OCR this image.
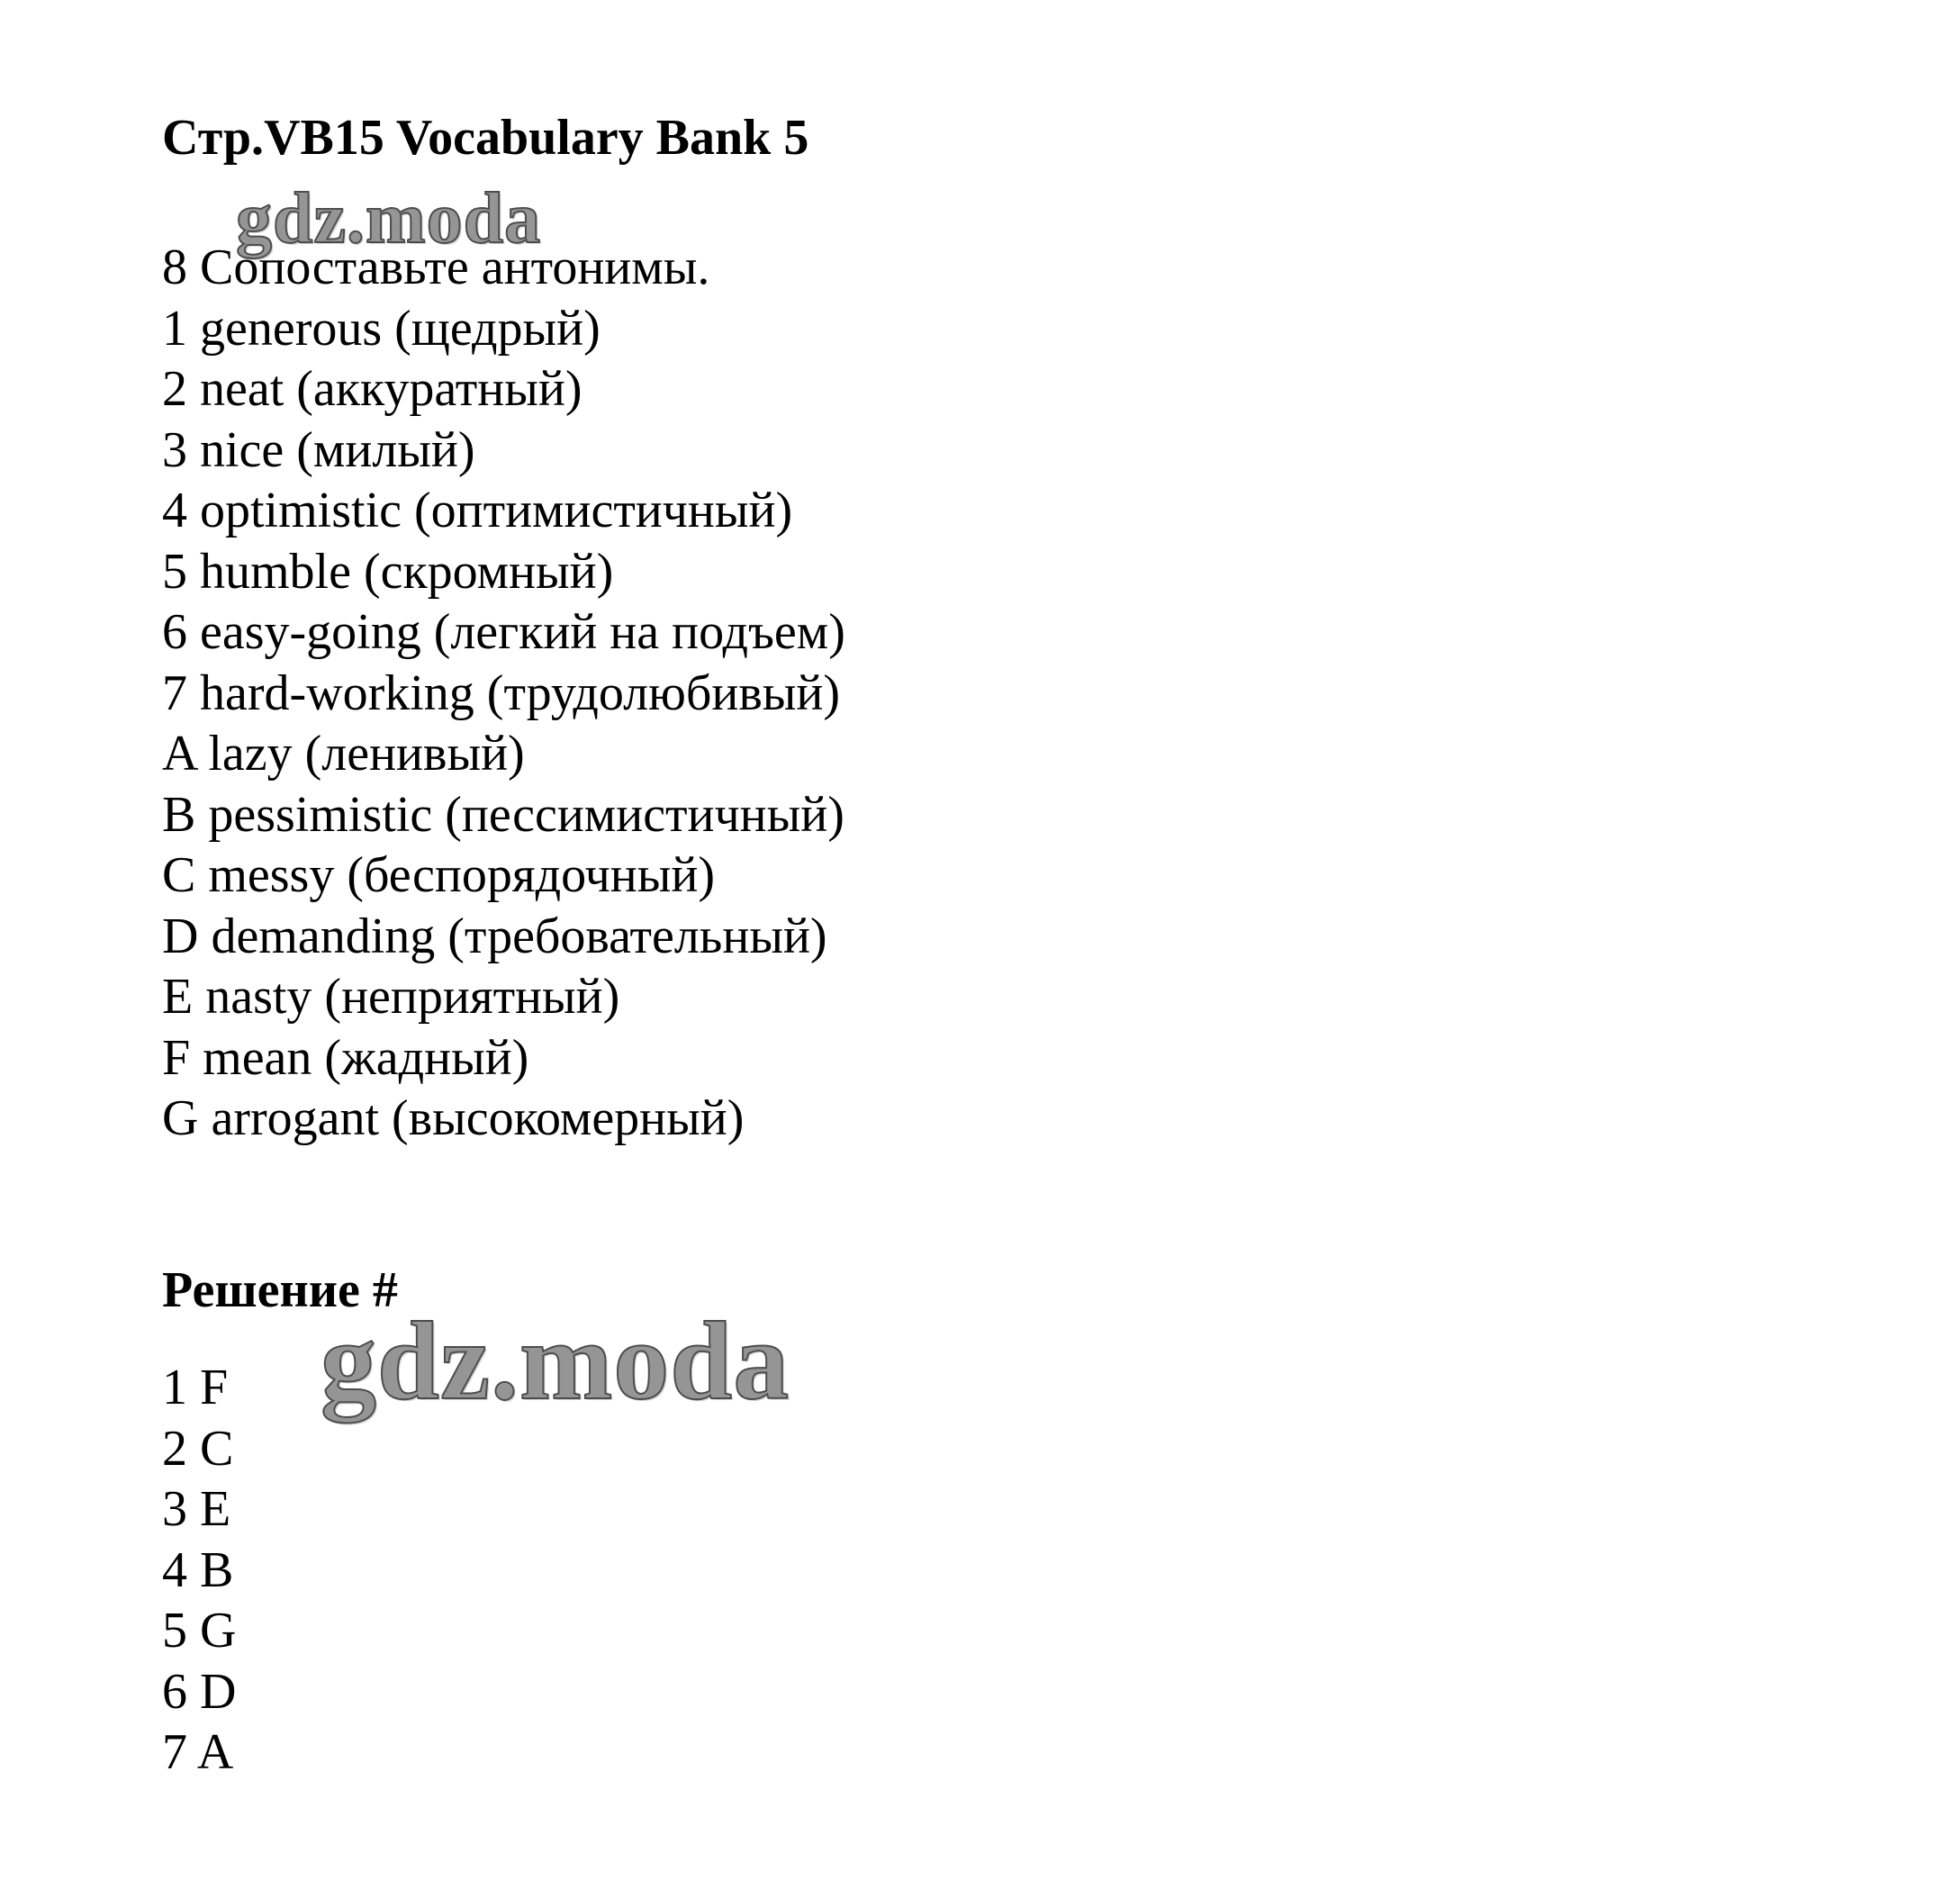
Стр.VB15 Vocabulary Bank 5
gdz.moda
8 Сопоставьте антонимы.
1 generous (щедрый)
2 neat (аккуратный)
3 nice (милый)
4 optimistic (оптимистичный)
5 humble (скромный)
6 easy-going (легкий на подъем)
7 hard-working (трудолюбивый)
A lazy (ленивый)
B pessimistic (пессимистичный)
C messy (беспорядочный)
D demanding (требовательный)
E nasty (неприятный)
F mean (жадный)
G arrogant (высокомерный)
Решение #
1 F
2 C
3 E
4 B
5 G
6 D
7 A
gdz.moda
